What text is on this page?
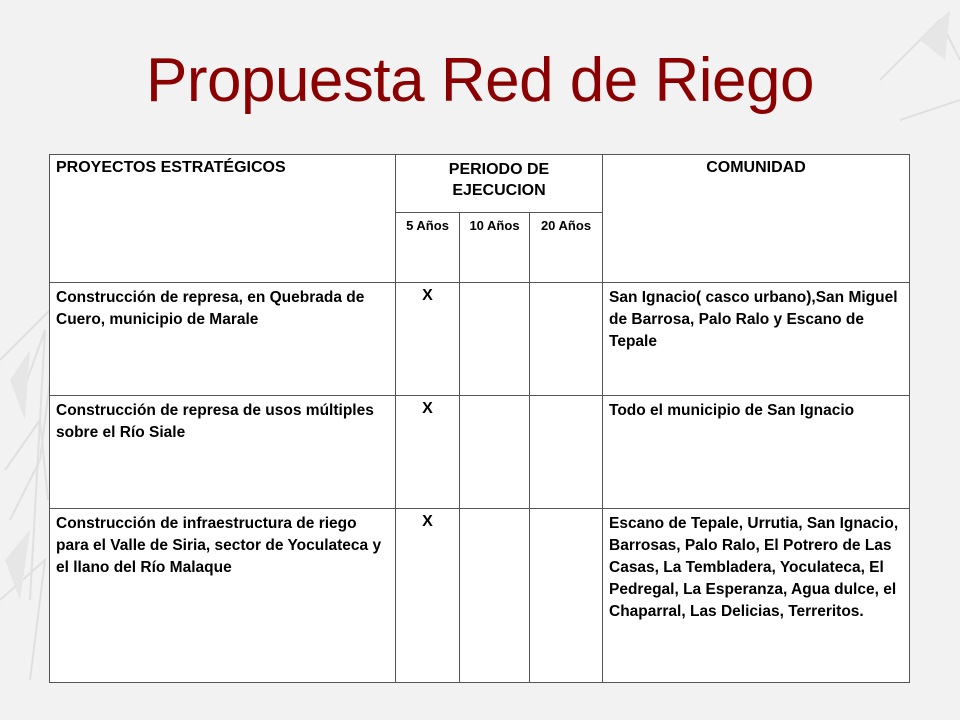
Propuesta Red de Riego
PROYECTOS ESTRATÉGICOS	PERIODO DE EJECUCION			COMUNIDAD
	5 Años	10 Años	20 Años	
Construcción de represa, en Quebrada de Cuero, municipio de Marale	X			San Ignacio( casco urbano),San Miguel de Barrosa, Palo Ralo y Escano de Tepale
Construcción de represa de usos múltiples sobre el Río Siale	X			Todo el municipio de San Ignacio
Construcción de infraestructura de riego para el Valle de Siria, sector de Yoculateca y el llano del Río Malaque	X			Escano de Tepale, Urrutia, San Ignacio, Barrosas, Palo Ralo, El Potrero de Las Casas, La Tembladera, Yoculateca, El Pedregal, La Esperanza, Agua dulce, el Chaparral, Las Delicias, Terreritos.
